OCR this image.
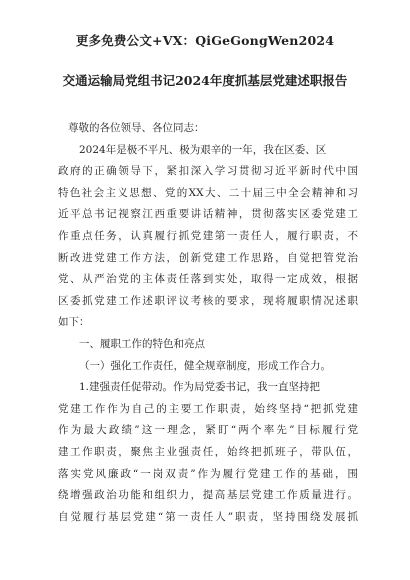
更多免费公文+VX：QiGeGongWen2024
交通运输局党组书记2024年度抓基层党建述职报告
尊敬的各位领导、各位同志：
2024年是极不平凡、极为艰辛的一年，我在区委、区
政府的正确领导下，紧扣深入学习贯彻习近平新时代中国
特色社会主义思想、党的XX大、二十届三中全会精神和习
近平总书记视察江西重要讲话精神，贯彻落实区委党建工
作重点任务，认真履行抓党建第一责任人，履行职责，不
断改进党建工作方法，创新党建工作思路，自觉把管党治
党、从严治党的主体责任落到实处，取得一定成效，根据
区委抓党建工作述职评议考核的要求，现将履职情况述职
如下：
一、履职工作的特色和亮点
（一）强化工作责任，健全规章制度，形成工作合力。
1.建强责任促带动。作为局党委书记，我一直坚持把
党建工作作为自己的主要工作职责，始终坚持“把抓党建
作为最大政绩”这一理念，紧盯“两个率先”目标履行党
建工作职责，聚焦主业强责任，始终把抓班子，带队伍，
落实党风廉政“一岗双责”作为履行党建工作的基础，围
绕增强政治功能和组织力，提高基层党建工作质量进行。
自觉履行基层党建“第一责任人”职责，坚持围绕发展抓
